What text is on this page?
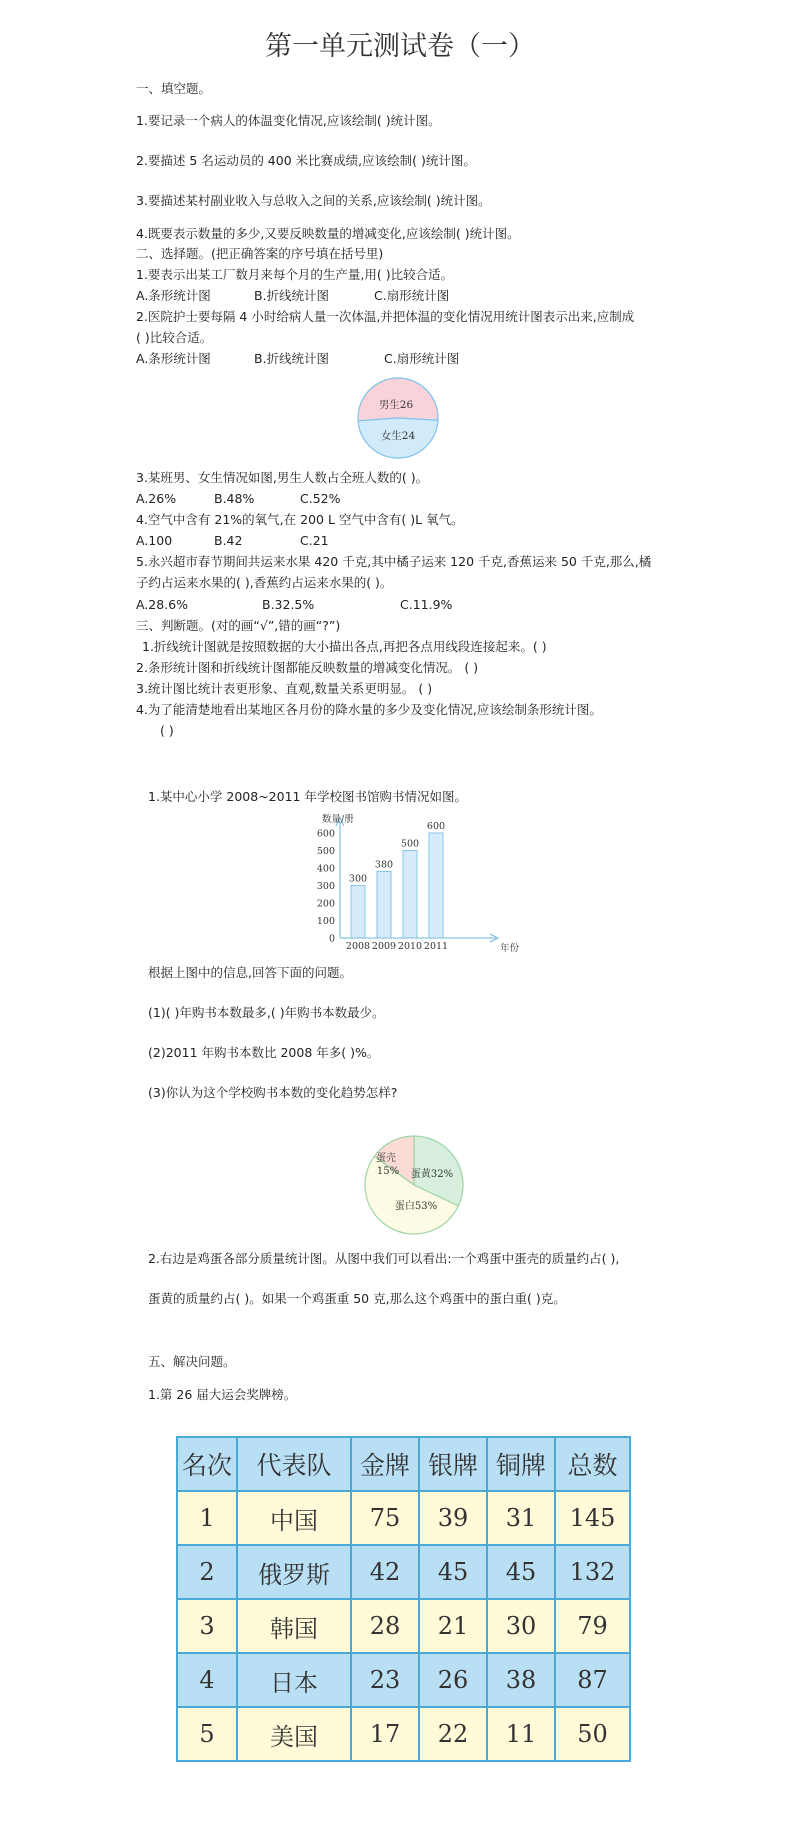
第一单元测试卷（一）
一、填空题。
1.要记录一个病人的体温变化情况,应该绘制( )统计图。
2.要描述 5 名运动员的 400 米比赛成绩,应该绘制( )统计图。
3.要描述某村副业收入与总收入之间的关系,应该绘制( )统计图。
4.既要表示数量的多少,又要反映数量的增减变化,应该绘制( )统计图。
二、选择题。(把正确答案的序号填在括号里)
1.要表示出某工厂数月来每个月的生产量,用( )比较合适。
A.条形统计图	B.折线统计图	C.扇形统计图
2.医院护士要每隔 4 小时给病人量一次体温,并把体温的变化情况用统计图表示出来,应制成
( )比较合适。
A.条形统计图	B.折线统计图	C.扇形统计图
男生26
女生24
3.某班男、女生情况如图,男生人数占全班人数的( )。
A.26%	B.48%	C.52%
4.空气中含有 21%的氧气,在 200 L 空气中含有( )L 氧气。
A.100	B.42	C.21
5.永兴超市春节期间共运来水果 420 千克,其中橘子运来 120 千克,香蕉运来 50 千克,那么,橘
子约占运来水果的( ),香蕉约占运来水果的( )。
A.28.6%	B.32.5%	C.11.9%
三、判断题。(对的画“√”,错的画“?”)
1.折线统计图就是按照数据的大小描出各点,再把各点用线段连接起来。( )
2.条形统计图和折线统计图都能反映数量的增减变化情况。 ( )
3.统计图比统计表更形象、直观,数量关系更明显。 ( )
4.为了能清楚地看出某地区各月份的降水量的多少及变化情况,应该绘制条形统计图。
( )
1.某中心小学 2008~2011 年学校图书馆购书情况如图。
0
100
200
300
400
500
600
300
2008
380
2009
500
2010
600
2011
数量/册
年份
根据上图中的信息,回答下面的问题。
(1)( )年购书本数最多,( )年购书本数最少。
(2)2011 年购书本数比 2008 年多( )%。
(3)你认为这个学校购书本数的变化趋势怎样?
蛋黄32%
蛋白53%
蛋壳
15%
2.右边是鸡蛋各部分质量统计图。从图中我们可以看出:一个鸡蛋中蛋壳的质量约占( ),
蛋黄的质量约占( )。如果一个鸡蛋重 50 克,那么这个鸡蛋中的蛋白重( )克。
五、解决问题。
1.第 26 届大运会奖牌榜。
名次	代表队	金牌	银牌	铜牌	总数
1	中国	75	39	31	145
2	俄罗斯	42	45	45	132
3	韩国	28	21	30	79
4	日本	23	26	38	87
5	美国	17	22	11	50
